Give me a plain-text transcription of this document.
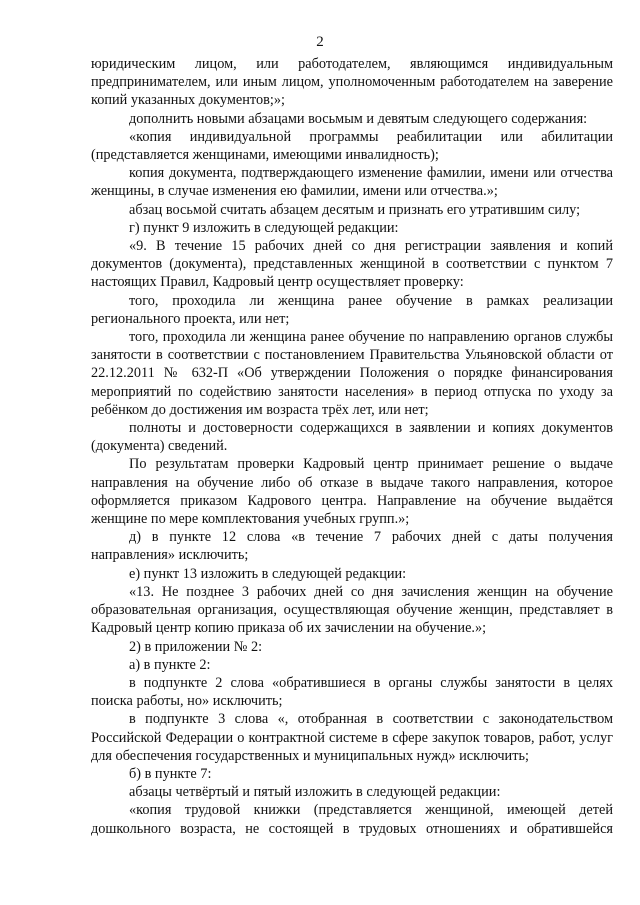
2

юридическим лицом, или работодателем, являющимся индивидуальным предпринимателем, или иным лицом, уполномоченным работодателем на заверение копий указанных документов;»;

дополнить новыми абзацами восьмым и девятым следующего содержания:

«копия индивидуальной программы реабилитации или абилитации (представляется женщинами, имеющими инвалидность);

копия документа, подтверждающего изменение фамилии, имени или отчества женщины, в случае изменения ею фамилии, имени или отчества.»;

абзац восьмой считать абзацем десятым и признать его утратившим силу;

г) пункт 9 изложить в следующей редакции:

«9. В течение 15 рабочих дней со дня регистрации заявления и копий документов (документа), представленных женщиной в соответствии с пунктом 7 настоящих Правил, Кадровый центр осуществляет проверку:

того, проходила ли женщина ранее обучение в рамках реализации регионального проекта, или нет;

того, проходила ли женщина ранее обучение по направлению органов службы занятости в соответствии с постановлением Правительства Ульяновской области от 22.12.2011 № 632-П «Об утверждении Положения о порядке финансирования мероприятий по содействию занятости населения» в период отпуска по уходу за ребёнком до достижения им возраста трёх лет, или нет;

полноты и достоверности содержащихся в заявлении и копиях документов (документа) сведений.

По результатам проверки Кадровый центр принимает решение о выдаче направления на обучение либо об отказе в выдаче такого направления, которое оформляется приказом Кадрового центра. Направление на обучение выдаётся женщине по мере комплектования учебных групп.»;

д) в пункте 12 слова «в течение 7 рабочих дней с даты получения направления» исключить;

е) пункт 13 изложить в следующей редакции:

«13. Не позднее 3 рабочих дней со дня зачисления женщин на обучение образовательная организация, осуществляющая обучение женщин, представляет в Кадровый центр копию приказа об их зачислении на обучение.»;

2) в приложении № 2:

а) в пункте 2:

в подпункте 2 слова «обратившиеся в органы службы занятости в целях поиска работы, но» исключить;

в подпункте 3 слова «, отобранная в соответствии с законодательством Российской Федерации о контрактной системе в сфере закупок товаров, работ, услуг для обеспечения государственных и муниципальных нужд» исключить;

б) в пункте 7:

абзацы четвёртый и пятый изложить в следующей редакции:

«копия трудовой книжки (представляется женщиной, имеющей детей

дошкольного возраста, не состоящей в трудовых отношениях и обратившейся
